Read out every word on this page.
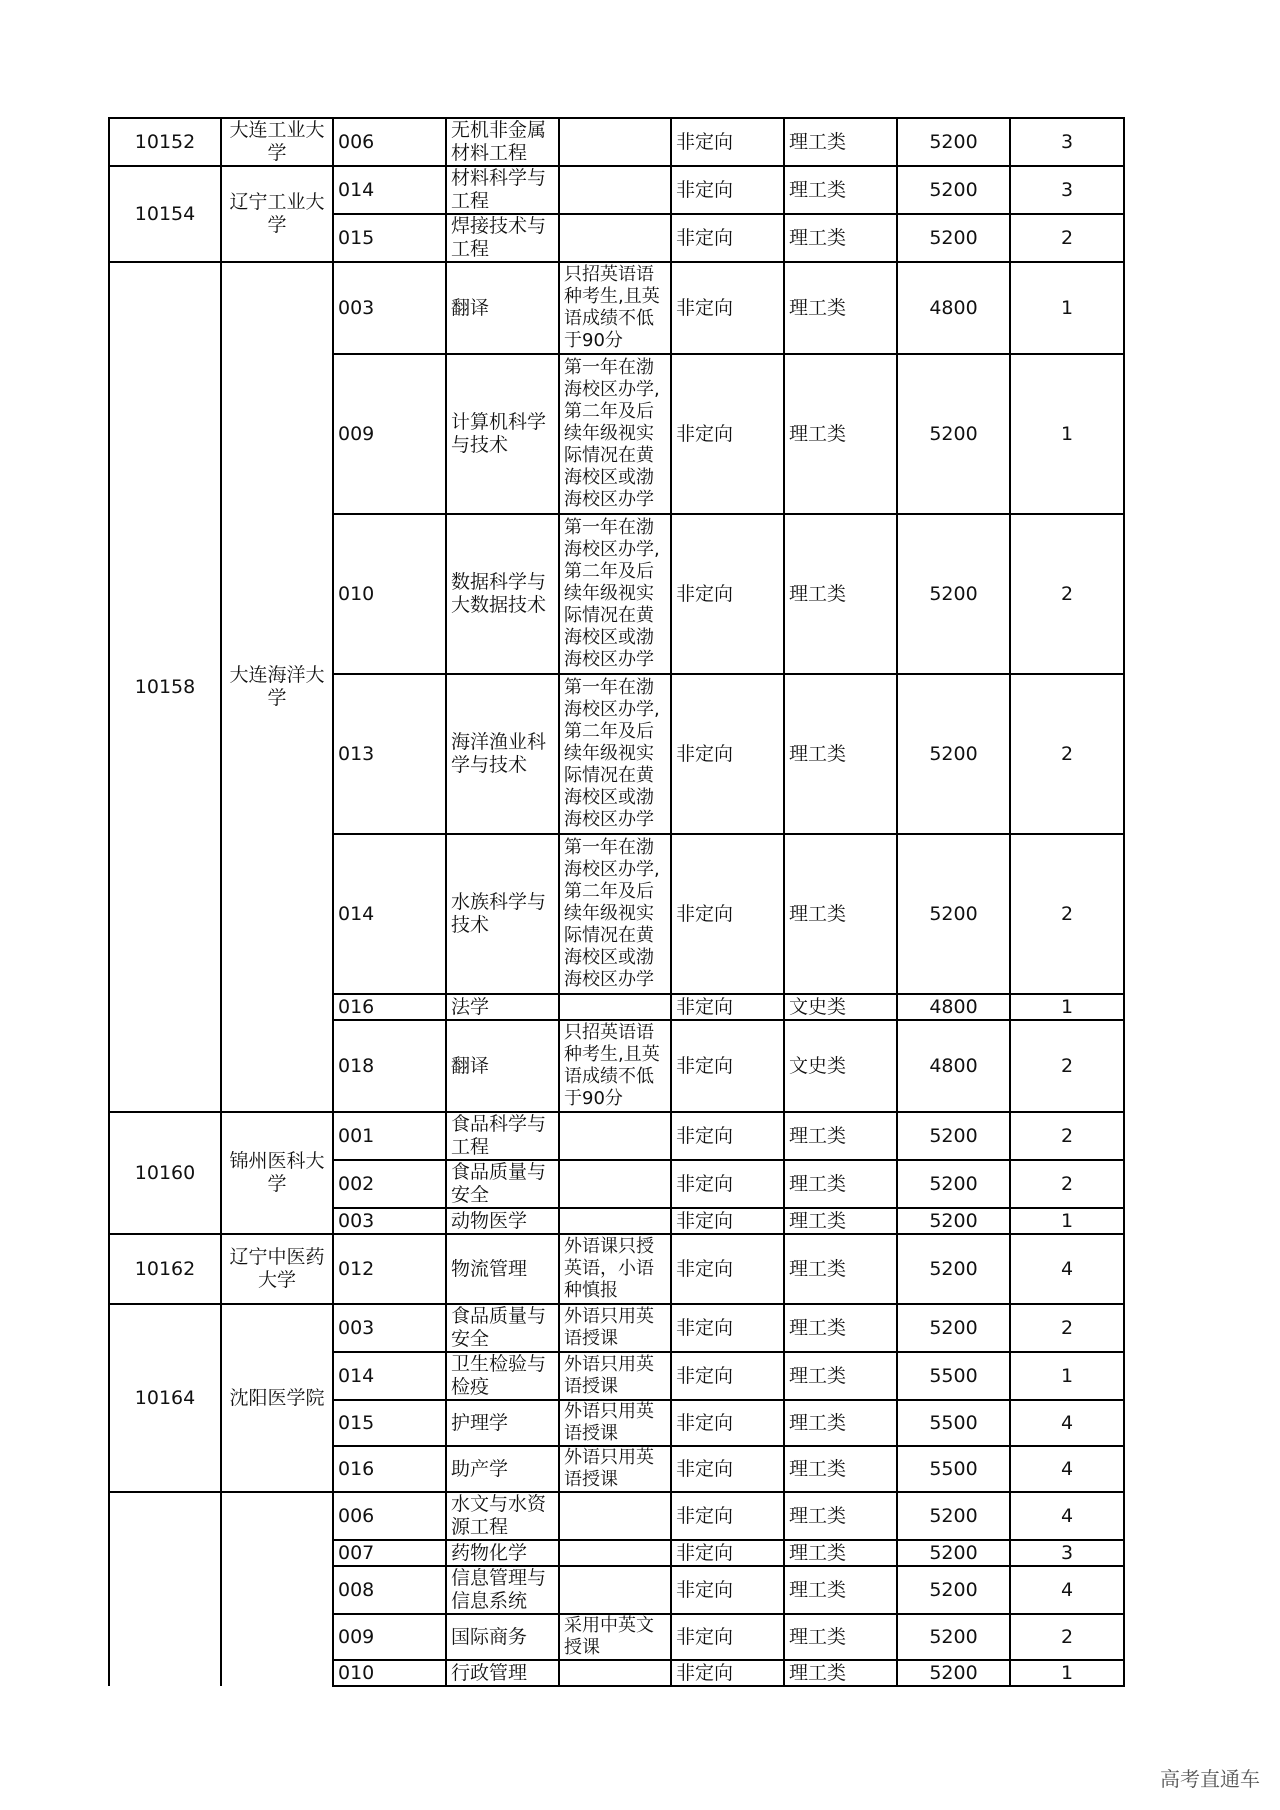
10152	大连工业大学	006	无机非金属材料工程		非定向	理工类	5200	3
10154	辽宁工业大学	014	材料科学与工程		非定向	理工类	5200	3
		015	焊接技术与工程		非定向	理工类	5200	2
10158	大连海洋大学	003	翻译	只招英语语种考生,且英语成绩不低于90分	非定向	理工类	4800	1
		009	计算机科学与技术	第一年在渤海校区办学,第二年及后续年级视实际情况在黄海校区或渤海校区办学	非定向	理工类	5200	1
		010	数据科学与大数据技术	第一年在渤海校区办学,第二年及后续年级视实际情况在黄海校区或渤海校区办学	非定向	理工类	5200	2
		013	海洋渔业科学与技术	第一年在渤海校区办学,第二年及后续年级视实际情况在黄海校区或渤海校区办学	非定向	理工类	5200	2
		014	水族科学与技术	第一年在渤海校区办学,第二年及后续年级视实际情况在黄海校区或渤海校区办学	非定向	理工类	5200	2
		016	法学		非定向	文史类	4800	1
		018	翻译	只招英语语种考生,且英语成绩不低于90分	非定向	文史类	4800	2
10160	锦州医科大学	001	食品科学与工程		非定向	理工类	5200	2
		002	食品质量与安全		非定向	理工类	5200	2
		003	动物医学		非定向	理工类	5200	1
10162	辽宁中医药大学	012	物流管理	外语课只授英语，小语种慎报	非定向	理工类	5200	4
10164	沈阳医学院	003	食品质量与安全	外语只用英语授课	非定向	理工类	5200	2
		014	卫生检验与检疫	外语只用英语授课	非定向	理工类	5500	1
		015	护理学	外语只用英语授课	非定向	理工类	5500	4
		016	助产学	外语只用英语授课	非定向	理工类	5500	4
		006	水文与水资源工程		非定向	理工类	5200	4
		007	药物化学		非定向	理工类	5200	3
		008	信息管理与信息系统		非定向	理工类	5200	4
		009	国际商务	采用中英文授课	非定向	理工类	5200	2
		010	行政管理		非定向	理工类	5200	1
高考直通车
